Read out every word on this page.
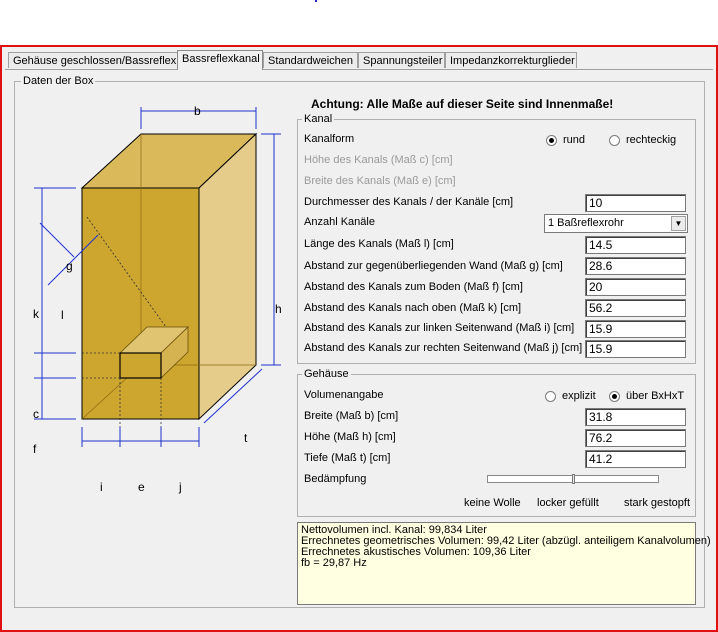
Gehäuse geschlossen/Bassreflex Bassreflexkanal Standardweichen Spannungsteiler Impedanzkorrekturglieder
Daten der Box
b
h
g
l
k
c
f
t
i	e	j
Achtung: Alle Maße auf dieser Seite sind Innenmaße!
Kanal
Kanalform	rund	rechteckig
Höhe des Kanals (Maß c) [cm]
Breite des Kanals (Maß e) [cm]
Durchmesser des Kanals / der Kanäle [cm]	10
Anzahl Kanäle	1 Baßreflexrohr	▼
Länge des Kanals (Maß l) [cm]	14.5
Abstand zur gegenüberliegenden Wand (Maß g) [cm]	28.6
Abstand des Kanals zum Boden (Maß f) [cm]	20
Abstand des Kanals nach oben (Maß k) [cm]	56.2
Abstand des Kanals zur linken Seitenwand (Maß i) [cm]	15.9
Abstand des Kanals zur rechten Seitenwand (Maß j) [cm] 15.9
Gehäuse
Volumenangabe	explizit	über BxHxT
Breite (Maß b) [cm]	31.8
Höhe (Maß h) [cm]	76.2
Tiefe (Maß t) [cm]	41.2
Bedämpfung
keine Wolle locker gefüllt stark gestopft
Nettovolumen incl. Kanal: 99,834 Liter
Errechnetes geometrisches Volumen: 99,42 Liter (abzügl. anteiligem Kanalvolumen)
Errechnetes akustisches Volumen: 109,36 Liter
fb = 29,87 Hz
